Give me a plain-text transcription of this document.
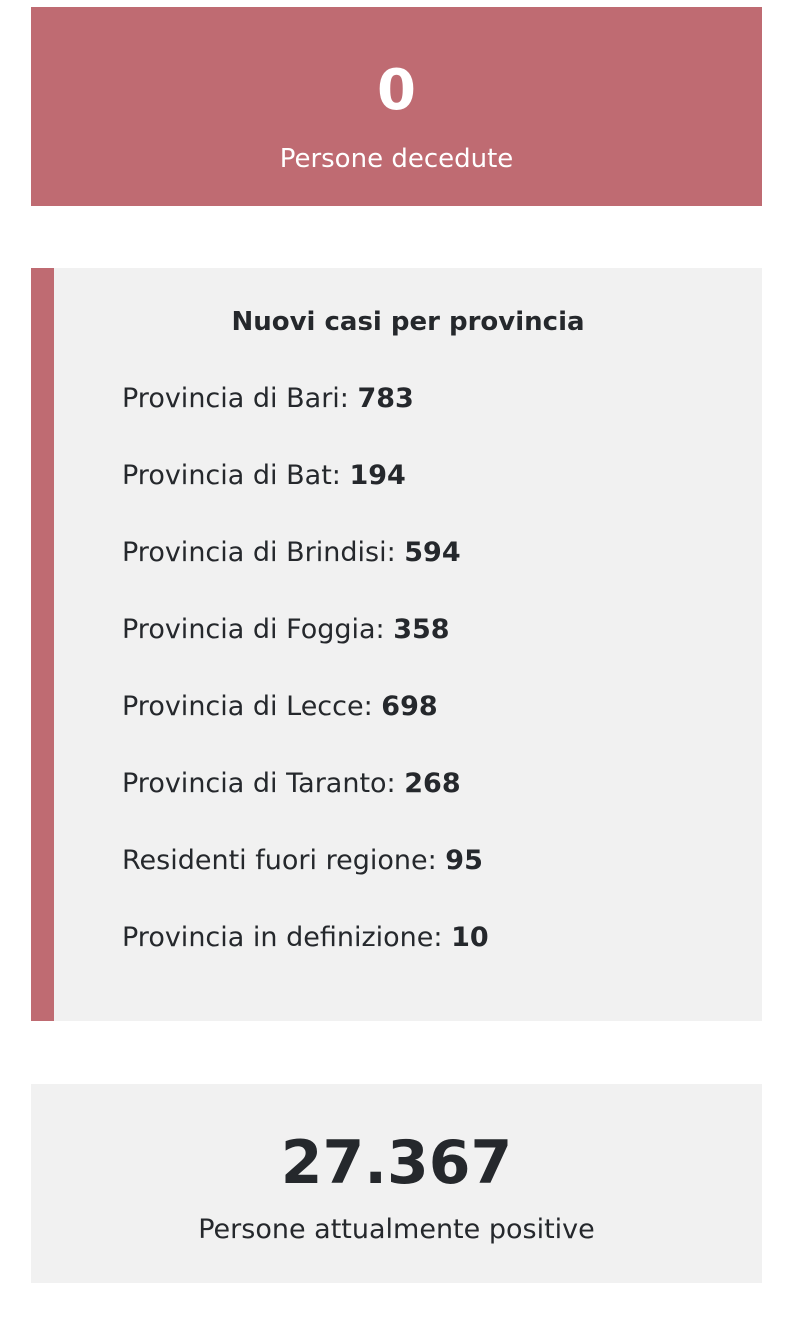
0
Persone decedute
Nuovi casi per provincia
Provincia di Bari: 783
Provincia di Bat: 194
Provincia di Brindisi: 594
Provincia di Foggia: 358
Provincia di Lecce: 698
Provincia di Taranto: 268
Residenti fuori regione: 95
Provincia in definizione: 10
27.367
Persone attualmente positive
